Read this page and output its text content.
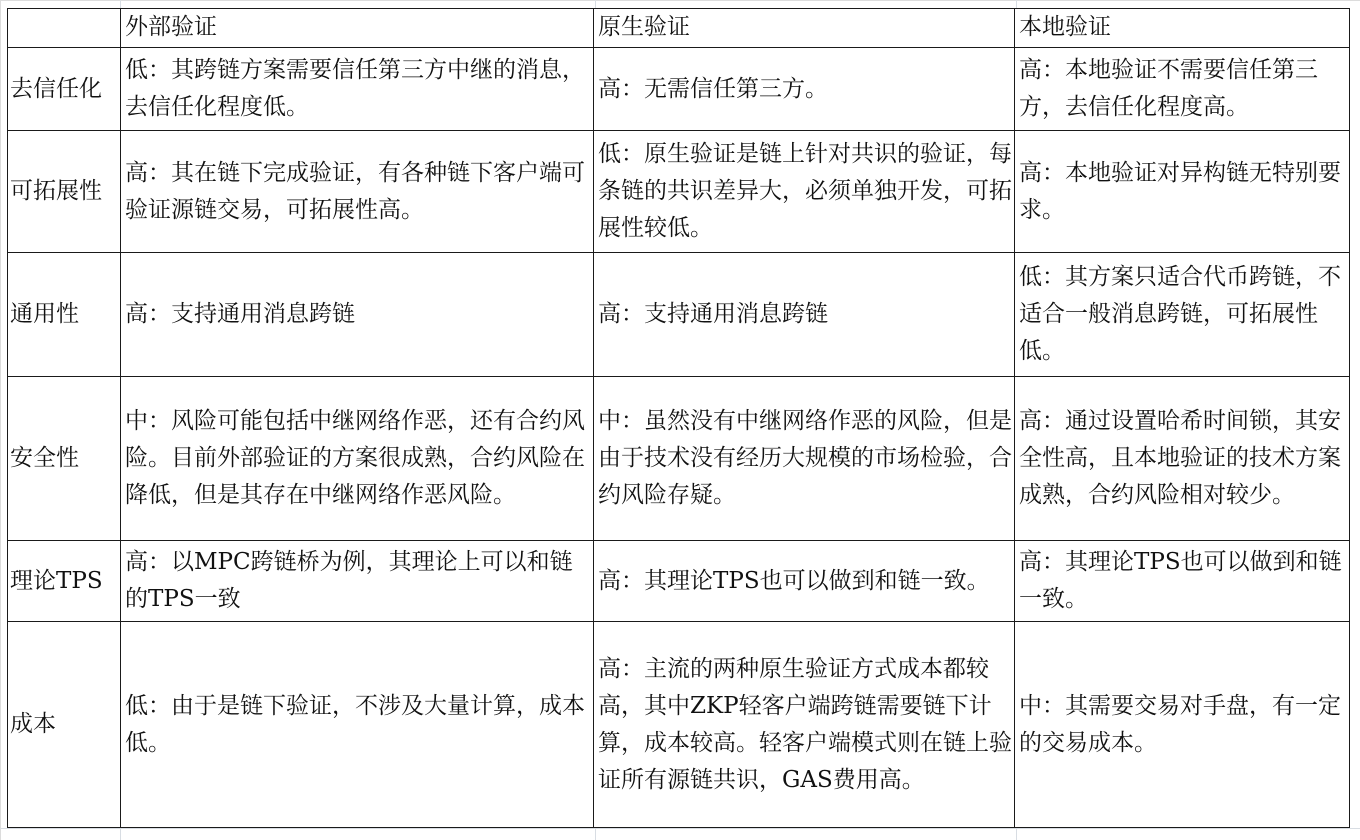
	外部验证	原生验证	本地验证
去信任化	低：其跨链方案需要信任第三方中继的消息，去信任化程度低。	高：无需信任第三方。	高：本地验证不需要信任第三方，去信任化程度高。
可拓展性	高：其在链下完成验证，有各种链下客户端可验证源链交易，可拓展性高。	低：原生验证是链上针对共识的验证，每条链的共识差异大，必须单独开发，可拓展性较低。	高：本地验证对异构链无特别要求。
通用性	高：支持通用消息跨链	高：支持通用消息跨链	低：其方案只适合代币跨链，不适合一般消息跨链，可拓展性低。
安全性	中：风险可能包括中继网络作恶，还有合约风险。目前外部验证的方案很成熟，合约风险在降低，但是其存在中继网络作恶风险。	中：虽然没有中继网络作恶的风险，但是由于技术没有经历大规模的市场检验，合约风险存疑。	高：通过设置哈希时间锁，其安全性高，且本地验证的技术方案成熟，合约风险相对较少。
理论TPS	高：以MPC跨链桥为例，其理论上可以和链的TPS一致	高：其理论TPS也可以做到和链一致。	高：其理论TPS也可以做到和链一致。
成本	低：由于是链下验证，不涉及大量计算，成本低。	高：主流的两种原生验证方式成本都较高，其中ZKP轻客户端跨链需要链下计算，成本较高。轻客户端模式则在链上验证所有源链共识，GAS费用高。	中：其需要交易对手盘，有一定的交易成本。
